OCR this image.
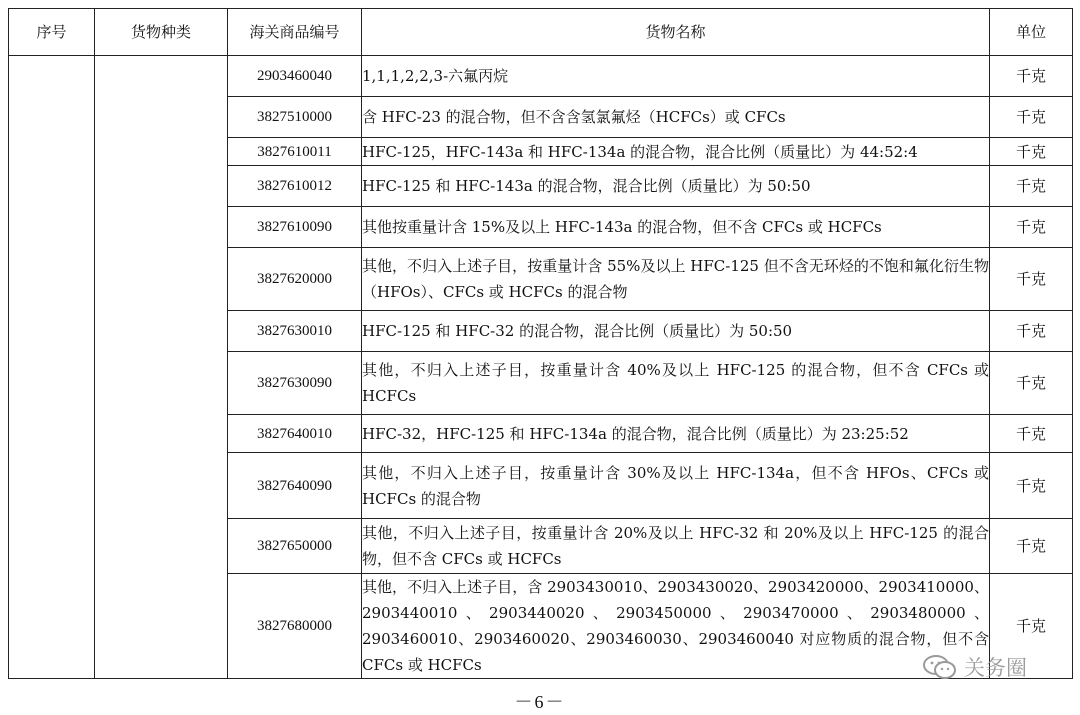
序号	货物种类	海关商品编号	货物名称	单位
		2903460040	1,1,1,2,2,3-六氟丙烷	千克
		3827510000	含 HFC-23 的混合物，但不含含氢氯氟烃（HCFCs）或 CFCs	千克
		3827610011	HFC-125，HFC-143a 和 HFC-134a 的混合物，混合比例（质量比）为 44:52:4	千克
		3827610012	HFC-125 和 HFC-143a 的混合物，混合比例（质量比）为 50:50	千克
		3827610090	其他按重量计含 15%及以上 HFC-143a 的混合物，但不含 CFCs 或 HCFCs	千克
		3827620000	其他，不归入上述子目，按重量计含 55%及以上 HFC-125 但不含无环烃的不饱和氟化衍生物（HFOs）、CFCs 或 HCFCs 的混合物	千克
		3827630010	HFC-125 和 HFC-32 的混合物，混合比例（质量比）为 50:50	千克
		3827630090	其他，不归入上述子目，按重量计含 40%及以上 HFC-125 的混合物，但不含 CFCs 或 HCFCs	千克
		3827640010	HFC-32，HFC-125 和 HFC-134a 的混合物，混合比例（质量比）为 23:25:52	千克
		3827640090	其他，不归入上述子目，按重量计含 30%及以上 HFC-134a，但不含 HFOs、CFCs 或 HCFCs 的混合物	千克
		3827650000	其他，不归入上述子目，按重量计含 20%及以上 HFC-32 和 20%及以上 HFC-125 的混合物，但不含 CFCs 或 HCFCs	千克
		3827680000	其他，不归入上述子目，含 2903430010、2903430020、2903420000、2903410000、2903440010、2903440020、2903450000、2903470000、2903480000、2903460010、2903460020、2903460030、2903460040 对应物质的混合物，但不含 CFCs 或 HCFCs	千克
关务圈
－6－
